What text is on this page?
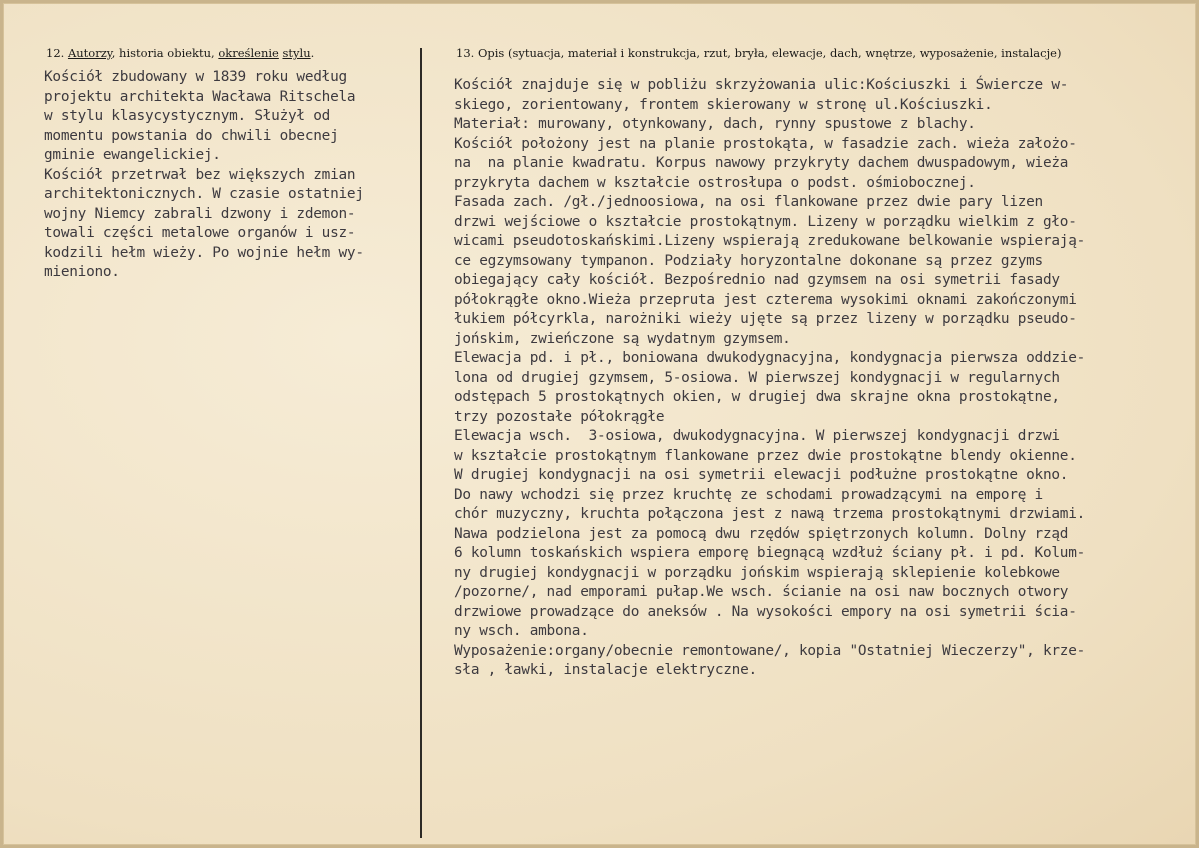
12. Autorzy, historia obiektu, określenie stylu.	13. Opis (sytuacja, materiał i konstrukcja, rzut, bryła, elewacje, dach, wnętrze, wyposażenie, instalacje)
Kościół zbudowany w 1839 roku według
projektu architekta Wacława Ritschela
w stylu klasycystycznym. Służył od
momentu powstania do chwili obecnej
gminie ewangelickiej.
Kościół przetrwał bez większych zmian
architektonicznych. W czasie ostatniej
wojny Niemcy zabrali dzwony i zdemon-
towali części metalowe organów i usz-
kodzili hełm wieży. Po wojnie hełm wy-
mieniono.
Kościół znajduje się w pobliżu skrzyżowania ulic:Kościuszki i Świercze w-
skiego, zorientowany, frontem skierowany w stronę ul.Kościuszki.
Materiał: murowany, otynkowany, dach, rynny spustowe z blachy.
Kościół położony jest na planie prostokąta, w fasadzie zach. wieża założo-
na  na planie kwadratu. Korpus nawowy przykryty dachem dwuspadowym, wieża
przykryta dachem w kształcie ostrosłupa o podst. ośmiobocznej.
Fasada zach. /gł./jednoosiowa, na osi flankowane przez dwie pary lizen
drzwi wejściowe o kształcie prostokątnym. Lizeny w porządku wielkim z gło-
wicami pseudotoskańskimi.Lizeny wspierają zredukowane belkowanie wspierają-
ce egzymsowany tympanon. Podziały horyzontalne dokonane są przez gzyms
obiegający cały kościół. Bezpośrednio nad gzymsem na osi symetrii fasady
półokrągłe okno.Wieża przepruta jest czterema wysokimi oknami zakończonymi
łukiem półcyrkla, narożniki wieży ujęte są przez lizeny w porządku pseudo-
jońskim, zwieńczone są wydatnym gzymsem.
Elewacja pd. i pł., boniowana dwukodygnacyjna, kondygnacja pierwsza oddzie-
lona od drugiej gzymsem, 5-osiowa. W pierwszej kondygnacji w regularnych
odstępach 5 prostokątnych okien, w drugiej dwa skrajne okna prostokątne,
trzy pozostałe półokrągłe
Elewacja wsch.  3-osiowa, dwukodygnacyjna. W pierwszej kondygnacji drzwi
w kształcie prostokątnym flankowane przez dwie prostokątne blendy okienne.
W drugiej kondygnacji na osi symetrii elewacji podłużne prostokątne okno.
Do nawy wchodzi się przez kruchtę ze schodami prowadzącymi na emporę i
chór muzyczny, kruchta połączona jest z nawą trzema prostokątnymi drzwiami.
Nawa podzielona jest za pomocą dwu rzędów spiętrzonych kolumn. Dolny rząd
6 kolumn toskańskich wspiera emporę biegnącą wzdłuż ściany pł. i pd. Kolum-
ny drugiej kondygnacji w porządku jońskim wspierają sklepienie kolebkowe
/pozorne/, nad emporami pułap.We wsch. ścianie na osi naw bocznych otwory
drzwiowe prowadzące do aneksów . Na wysokości empory na osi symetrii ścia-
ny wsch. ambona.
Wyposażenie:organy/obecnie remontowane/, kopia "Ostatniej Wieczerzy", krze-
sła , ławki, instalacje elektryczne.
